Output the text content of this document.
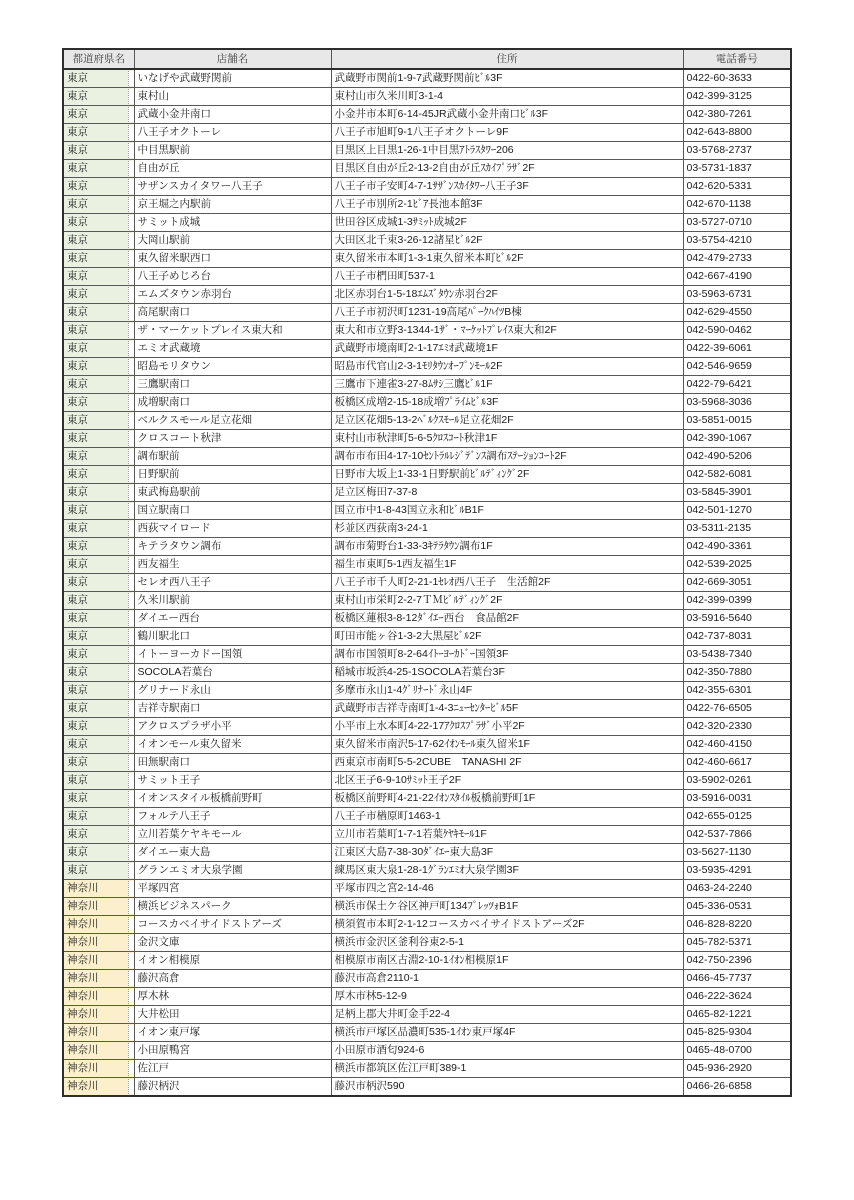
都道府県名	店舗名	住所	電話番号
東京	いなげや武蔵野関前	武蔵野市関前1-9-7武蔵野関前ﾋﾞﾙ3F	0422-60-3633
東京	東村山	東村山市久米川町3-1-4	042-399-3125
東京	武蔵小金井南口	小金井市本町6-14-45JR武蔵小金井南口ﾋﾞﾙ3F	042-380-7261
東京	八王子オクトーレ	八王子市旭町9-1八王子オクトーレ9F	042-643-8800
東京	中目黒駅前	目黒区上目黒1-26-1中目黒ｱﾄﾗｽﾀﾜｰ206	03-5768-2737
東京	自由が丘	目黒区自由が丘2-13-2自由が丘ｽｶｲﾌﾟﾗｻﾞ2F	03-5731-1837
東京	サザンスカイタワー八王子	八王子市子安町4-7-1ｻｻﾞﾝｽｶｲﾀﾜｰ八王子3F	042-620-5331
東京	京王堀之内駅前	八王子市別所2-1ﾋﾞｱ長池本館3F	042-670-1138
東京	サミット成城	世田谷区成城1-3ｻﾐｯﾄ成城2F	03-5727-0710
東京	大岡山駅前	大田区北千束3-26-12諸星ﾋﾞﾙ2F	03-5754-4210
東京	東久留米駅西口	東久留米市本町1-3-1東久留米本町ﾋﾞﾙ2F	042-479-2733
東京	八王子めじろ台	八王子市椚田町537-1	042-667-4190
東京	エムズタウン赤羽台	北区赤羽台1-5-18ｴﾑｽﾞﾀｳﾝ赤羽台2F	03-5963-6731
東京	高尾駅南口	八王子市初沢町1231-19高尾ﾊﾟｰｸﾊｲﾂB棟	042-629-4550
東京	ザ・マーケットプレイス東大和	東大和市立野3-1344-1ｻﾞ・ﾏｰｹｯﾄﾌﾟﾚｲｽ東大和2F	042-590-0462
東京	エミオ武蔵境	武蔵野市境南町2-1-17ｴﾐｵ武蔵境1F	0422-39-6061
東京	昭島モリタウン	昭島市代官山2-3-1ﾓﾘﾀｳﾝｵｰﾌﾟﾝﾓｰﾙ2F	042-546-9659
東京	三鷹駅南口	三鷹市下連雀3-27-8ﾑｻｼ三鷹ﾋﾞﾙ1F	0422-79-6421
東京	成増駅南口	板橋区成増2-15-18成増ﾌﾟﾗｲﾑﾋﾞﾙ3F	03-5968-3036
東京	ベルクスモール足立花畑	足立区花畑5-13-2ﾍﾞﾙｸｽﾓｰﾙ足立花畑2F	03-5851-0015
東京	クロスコート秋津	東村山市秋津町5-6-5ｸﾛｽｺｰﾄ秋津1F	042-390-1067
東京	調布駅前	調布市布田4-17-10ｾﾝﾄﾗﾙﾚｼﾞﾃﾞﾝｽ調布ｽﾃｰｼｮﾝｺｰﾄ2F	042-490-5206
東京	日野駅前	日野市大坂上1-33-1日野駅前ﾋﾞﾙﾃﾞｨﾝｸﾞ2F	042-582-6081
東京	東武梅島駅前	足立区梅田7-37-8	03-5845-3901
東京	国立駅南口	国立市中1-8-43国立永和ﾋﾞﾙB1F	042-501-1270
東京	西荻マイロード	杉並区西荻南3-24-1	03-5311-2135
東京	キテラタウン調布	調布市菊野台1-33-3ｷﾃﾗﾀｳﾝ調布1F	042-490-3361
東京	西友福生	福生市東町5-1西友福生1F	042-539-2025
東京	セレオ西八王子	八王子市千人町2-21-1ｾﾚｵ西八王子　生活館2F	042-669-3051
東京	久米川駅前	東村山市栄町2-2-7ＴＭﾋﾞﾙﾃﾞｨﾝｸﾞ2F	042-399-0399
東京	ダイエー西台	板橋区蓮根3-8-12ﾀﾞｲｴｰ西台　食品館2F	03-5916-5640
東京	鶴川駅北口	町田市能ヶ谷1-3-2大黒屋ﾋﾞﾙ2F	042-737-8031
東京	イトーヨーカドー国領	調布市国領町8-2-64ｲﾄｰﾖｰｶﾄﾞｰ国領3F	03-5438-7340
東京	SOCOLA若葉台	稲城市坂浜4-25-1SOCOLA若葉台3F	042-350-7880
東京	グリナード永山	多摩市永山1-4ｸﾞﾘﾅｰﾄﾞ永山4F	042-355-6301
東京	吉祥寺駅南口	武蔵野市吉祥寺南町1-4-3ﾆｭｰｾﾝﾀｰﾋﾞﾙ5F	0422-76-6505
東京	アクロスプラザ小平	小平市上水本町4-22-17ｱｸﾛｽﾌﾟﾗｻﾞ小平2F	042-320-2330
東京	イオンモール東久留米	東久留米市南沢5-17-62ｲｵﾝﾓｰﾙ東久留米1F	042-460-4150
東京	田無駅南口	西東京市南町5-5-2CUBE　TANASHI 2F	042-460-6617
東京	サミット王子	北区王子6-9-10ｻﾐｯﾄ王子2F	03-5902-0261
東京	イオンスタイル板橋前野町	板橋区前野町4-21-22ｲｵﾝｽﾀｲﾙ板橋前野町1F	03-5916-0031
東京	フォルテ八王子	八王子市楢原町1463-1	042-655-0125
東京	立川若葉ケヤキモール	立川市若葉町1-7-1若葉ｹﾔｷﾓｰﾙ1F	042-537-7866
東京	ダイエー東大島	江東区大島7-38-30ﾀﾞｲｴｰ東大島3F	03-5627-1130
東京	グランエミオ大泉学園	練馬区東大泉1-28-1ｸﾞﾗﾝｴﾐｵ大泉学園3F	03-5935-4291
神奈川	平塚四宮	平塚市四之宮2-14-46	0463-24-2240
神奈川	横浜ビジネスパーク	横浜市保土ケ谷区神戸町134ﾌﾟﾚｯﾂｫB1F	045-336-0531
神奈川	コースカベイサイドストアーズ	横須賀市本町2-1-12コースカベイサイドストアーズ2F	046-828-8220
神奈川	金沢文庫	横浜市金沢区釜利谷東2-5-1	045-782-5371
神奈川	イオン相模原	相模原市南区古淵2-10-1ｲｵﾝ相模原1F	042-750-2396
神奈川	藤沢高倉	藤沢市高倉2110-1	0466-45-7737
神奈川	厚木林	厚木市林5-12-9	046-222-3624
神奈川	大井松田	足柄上郡大井町金手22-4	0465-82-1221
神奈川	イオン東戸塚	横浜市戸塚区品濃町535-1ｲｵﾝ東戸塚4F	045-825-9304
神奈川	小田原鴨宮	小田原市酒匂924-6	0465-48-0700
神奈川	佐江戸	横浜市都筑区佐江戸町389-1	045-936-2920
神奈川	藤沢柄沢	藤沢市柄沢590	0466-26-6858
